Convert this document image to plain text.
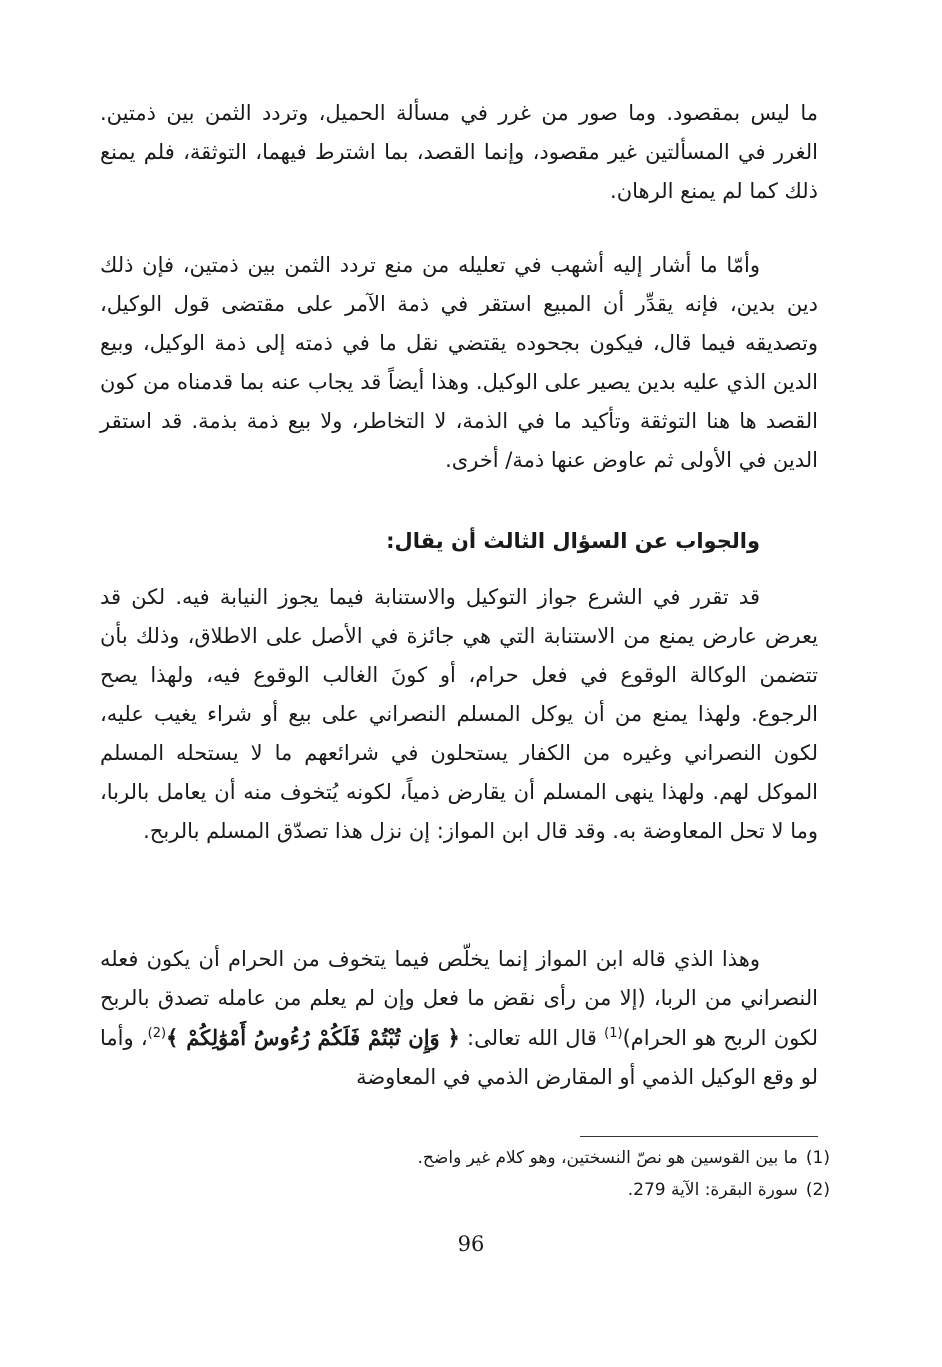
ما ليس بمقصود. وما صور من غرر في مسألة الحميل، وتردد الثمن بين ذمتين. الغرر في المسألتين غير مقصود، وإنما القصد، بما اشترط فيهما، التوثقة، فلم يمنع ذلك كما لم يمنع الرهان.
وأمّا ما أشار إليه أشهب في تعليله من منع تردد الثمن بين ذمتين، فإن ذلك دين بدين، فإنه يقدِّر أن المبيع استقر في ذمة الآمر على مقتضى قول الوكيل، وتصديقه فيما قال، فيكون بجحوده يقتضي نقل ما في ذمته إلى ذمة الوكيل، وبيع الدين الذي عليه بدين يصير على الوكيل. وهذا أيضاً قد يجاب عنه بما قدمناه من كون القصد ها هنا التوثقة وتأكيد ما في الذمة، لا التخاطر، ولا بيع ذمة بذمة. قد استقر الدين في الأولى ثم عاوض عنها ذمة/ أخرى.
والجواب عن السؤال الثالث أن يقال:
قد تقرر في الشرع جواز التوكيل والاستنابة فيما يجوز النيابة فيه. لكن قد يعرض عارض يمنع من الاستنابة التي هي جائزة في الأصل على الاطلاق، وذلك بأن تتضمن الوكالة الوقوع في فعل حرام، أو كونَ الغالب الوقوع فيه، ولهذا يصح الرجوع. ولهذا يمنع من أن يوكل المسلم النصراني على بيع أو شراء يغيب عليه، لكون النصراني وغيره من الكفار يستحلون في شرائعهم ما لا يستحله المسلم الموكل لهم. ولهذا ينهى المسلم أن يقارض ذمياً، لكونه يُتخوف منه أن يعامل بالربا، وما لا تحل المعاوضة به. وقد قال ابن المواز: إن نزل هذا تصدّق المسلم بالربح.
وهذا الذي قاله ابن المواز إنما يخلّص فيما يتخوف من الحرام أن يكون فعله النصراني من الربا، (إلا من رأى نقض ما فعل وإن لم يعلم من عامله تصدق بالربح لكون الربح هو الحرام)$^{(1)}$ قال الله تعالى: ﴿ وَإِن تُبْتُمْ فَلَكُمْ رُءُوسُ أَمْوَٰلِكُمْ ﴾$^{(2)}$، وأما لو وقع الوكيل الذمي أو المقارض الذمي في المعاوضة
(1)ما بين القوسين هو نصّ النسختين، وهو كلام غير واضح.
(2)سورة البقرة: الآية 279.
96
